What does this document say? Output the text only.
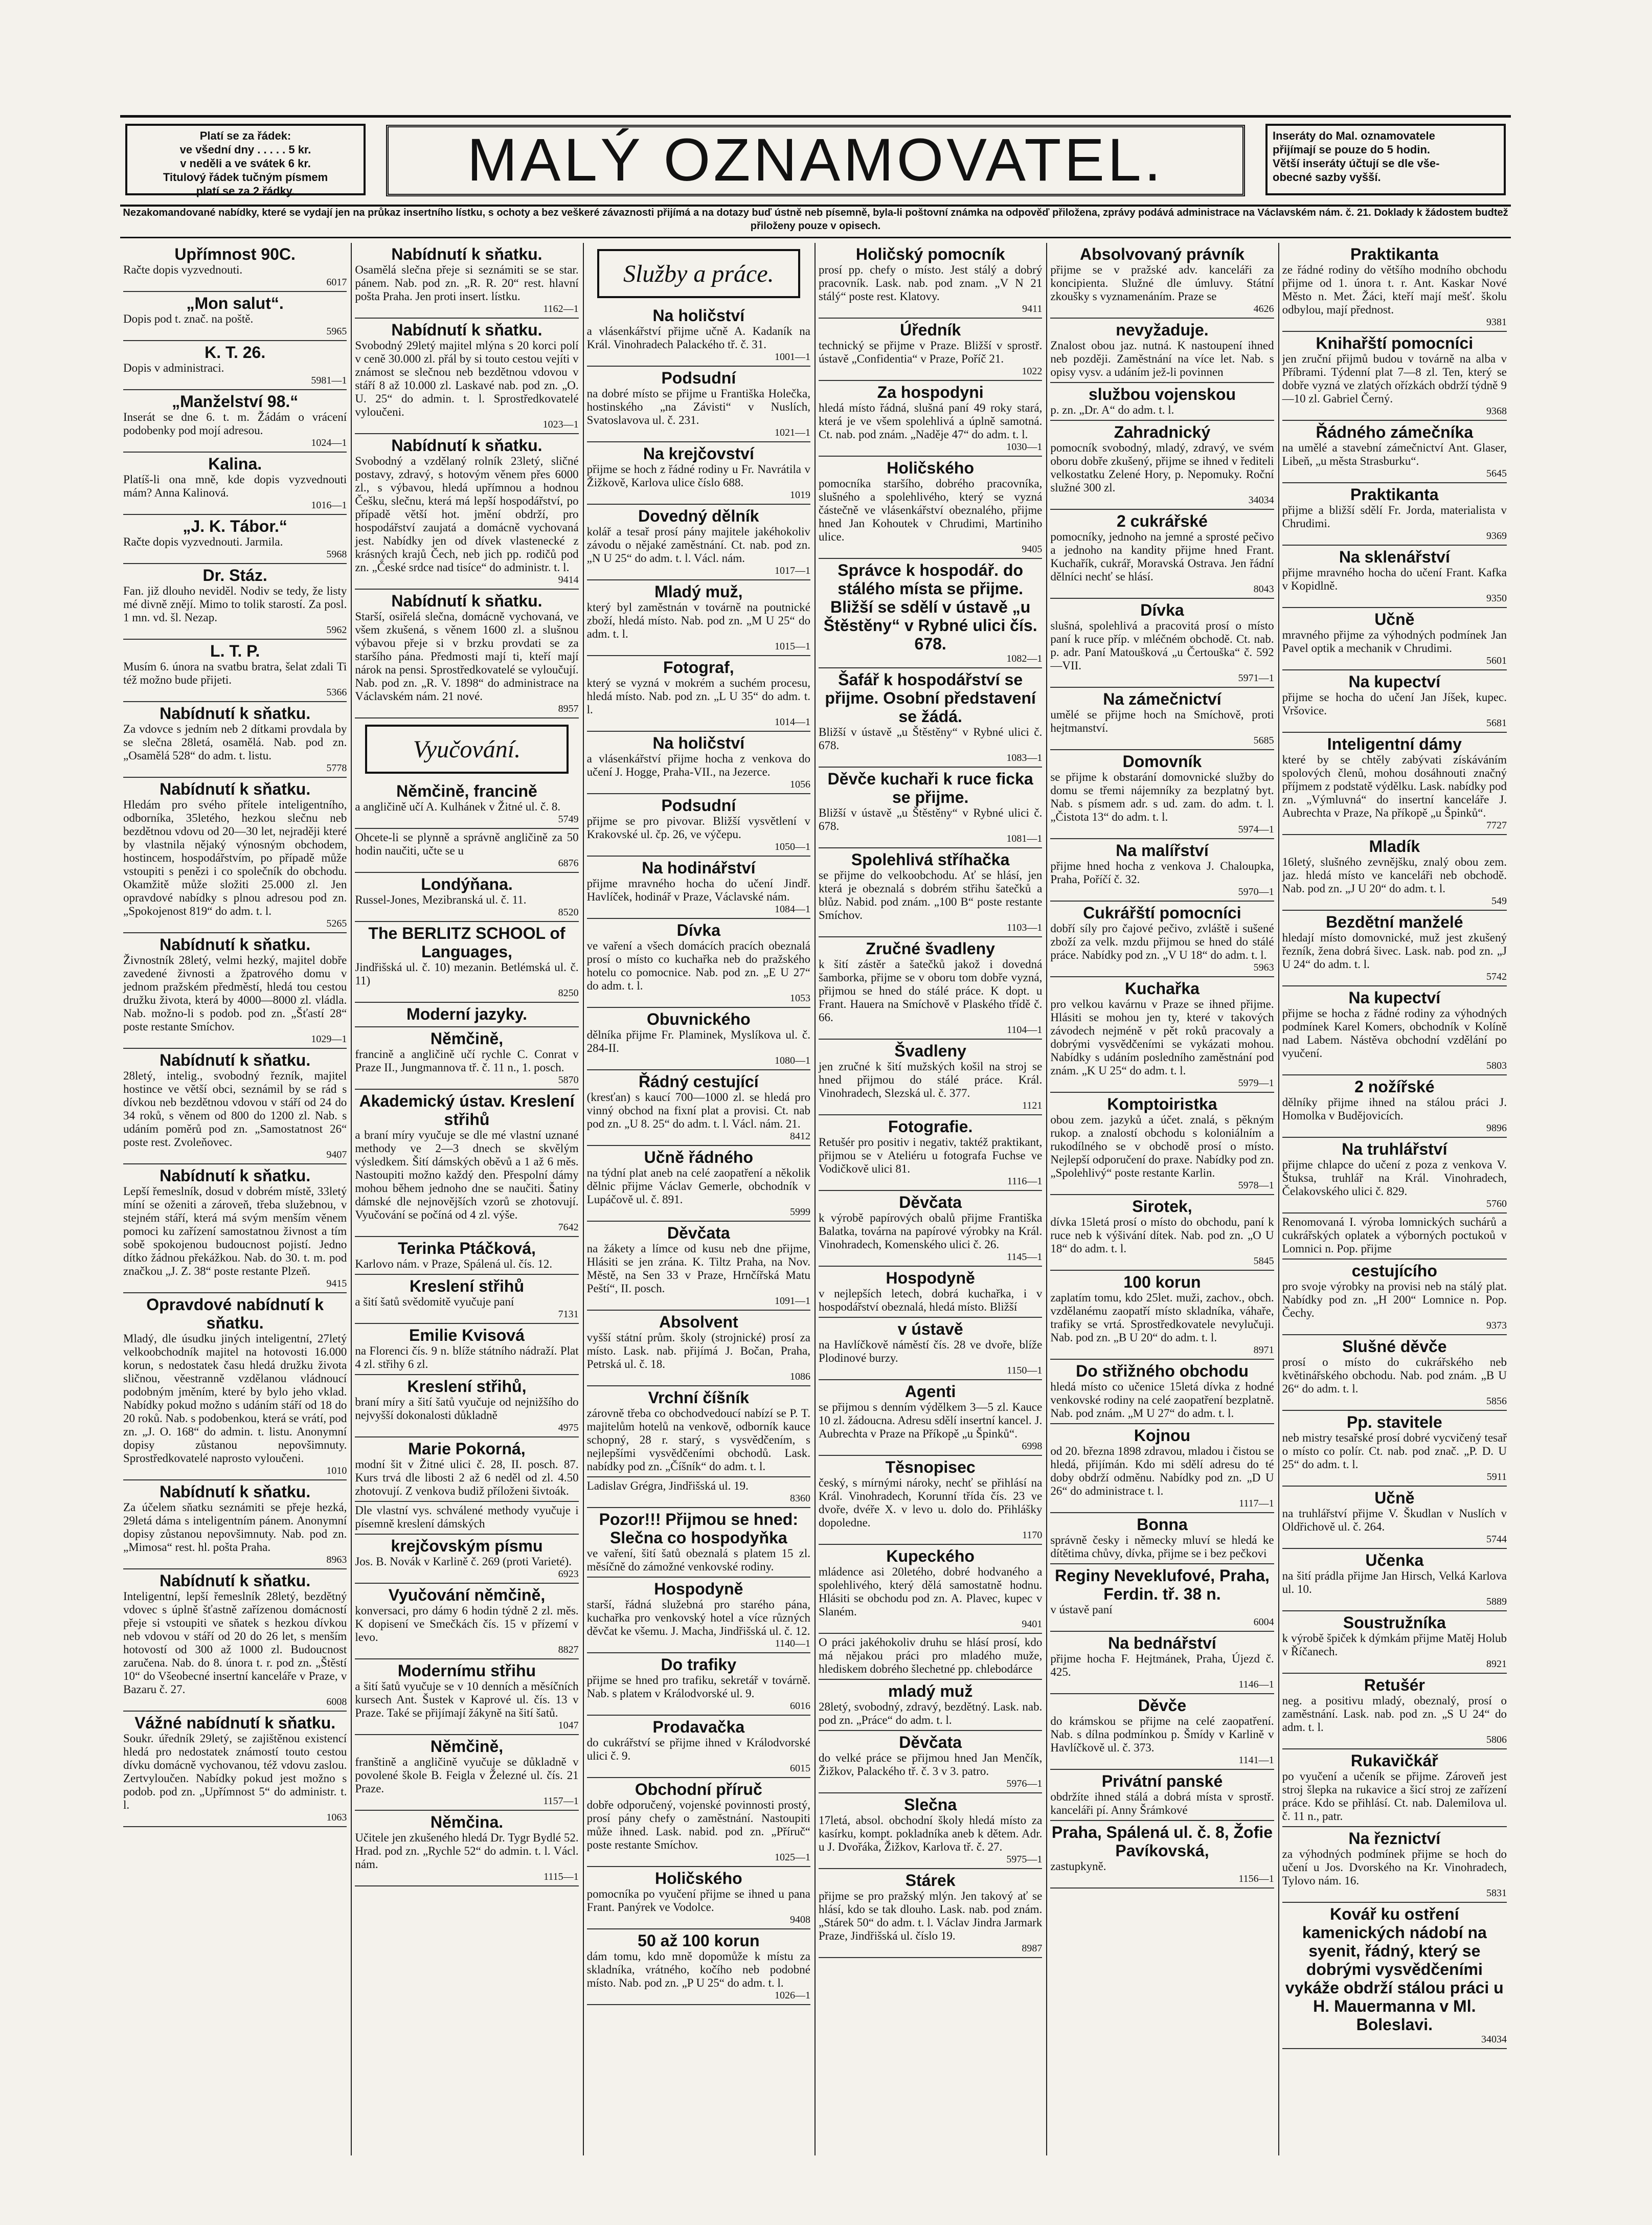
Platí se za řádek:
ve všední dny . . . . . 5 kr.
v neděli a ve svátek 6 kr.
Titulový řádek tučným písmem
platí se za 2 řádky.	MALÝ OZNAMOVATEL.	Inseráty do Mal. oznamovatele
přijímají se pouze do 5 hodin.
Větší inseráty účtují se dle vše-
obecné sazby vyšší.
Nezakomandované nabídky, které se vydají jen na průkaz insertního lístku, s ochoty a bez veškeré závaznosti přijímá a na dotazy buď ústně neb písemně, byla-li poštovní známka na odpověď přiložena, zprávy podává administrace na Václavském nám. č. 21. Doklady k žádostem budtež přiloženy pouze v opisech.
Upřímnost 90C.

Račte dopis vyzvednouti.

6017
„Mon salut“.

Dopis pod t. znač. na poště.

5965
K. T. 26.

Dopis v administraci.

5981—1
„Manželství 98.“

Inserát se dne 6. t. m. Žádám o vrácení podobenky pod mojí adresou.

1024—1
Kalina.

Platíš-li ona mně, kde dopis vyzvednouti mám? Anna Kalinová.

1016—1
„J. K. Tábor.“

Račte dopis vyzvednouti. Jarmila.

5968
Dr. Stáz.

Fan. již dlouho neviděl. Nodiv se tedy, že listy mé divně znějí. Mimo to tolik starostí. Za posl. 1 mn. vd. šl. Nezap.

5962
L. T. P.

Musím 6. února na svatbu bratra, šelat zdali Ti též možno bude přijeti.

5366
Nabídnutí k sňatku.

Za vdovce s jedním neb 2 dítkami provdala by se slečna 28letá, osamělá. Nab. pod zn. „Osamělá 528“ do adm. t. listu.

5778
Nabídnutí k sňatku.

Hledám pro svého přítele inteligentního, odborníka, 35letého, hezkou slečnu neb bezdětnou vdovu od 20—30 let, nejraději které by vlastnila nějaký výnosným obchodem, hostincem, hospodářstvím, po případě může vstoupiti s penězi i co společník do obchodu. Okamžitě může složiti 25.000 zl. Jen opravdové nabídky s plnou adresou pod zn. „Spokojenost 819“ do adm. t. l.

5265
Nabídnutí k sňatku.

Živnostník 28letý, velmi hezký, majitel dobře zavedené živnosti a žpatrového domu v jednom pražském předměstí, hledá tou cestou družku života, která by 4000—8000 zl. vládla. Nab. možno-li s podob. pod zn. „Šťastí 28“ poste restante Smíchov.

1029—1
Nabídnutí k sňatku.

28letý, intelig., svobodný řezník, majitel hostince ve větší obci, seznámil by se rád s dívkou neb bezdětnou vdovou v stáří od 24 do 34 roků, s věnem od 800 do 1200 zl. Nab. s udáním poměrů pod zn. „Samostatnost 26“ poste rest. Zvoleňovec.

9407
Nabídnutí k sňatku.

Lepší řemeslník, dosud v dobrém místě, 33letý míní se oženiti a zároveň, třeba služebnou, v stejném stáří, která má svým menším věnem pomoci ku zařízení samostatnou živnost a tím sobě spokojenou budoucnost pojistí. Jedno dítko žádnou překážkou. Nab. do 30. t. m. pod značkou „J. Z. 38“ poste restante Plzeň.

9415
Opravdové nabídnutí k sňatku.

Mladý, dle úsudku jiných inteligentní, 27letý velkoobchodník majitel na hotovosti 16.000 korun, s nedostatek času hledá družku života sličnou, věestranně vzdělanou vládnoucí podobným jměním, které by bylo jeho vklad. Nabídky pokud možno s udáním stáří od 18 do 20 roků. Nab. s podobenkou, která se vrátí, pod zn. „J. O. 168“ do admin. t. listu. Anonymní dopisy zůstanou nepovšimnuty. Sprostředkovatelé naprosto vyloučeni.

1010
Nabídnutí k sňatku.

Za účelem sňatku seznámiti se přeje hezká, 29letá dáma s inteligentním pánem. Anonymní dopisy zůstanou nepovšimnuty. Nab. pod zn. „Mimosa“ rest. hl. pošta Praha.

8963
Nabídnutí k sňatku.

Inteligentní, lepší řemeslník 28letý, bezdětný vdovec s úplně šťastně zařízenou domácností přeje si vstoupiti ve sňatek s hezkou dívkou neb vdovou v stáří od 20 do 26 let, s menším hotovostí od 300 až 1000 zl. Budoucnost zaručena. Nab. do 8. února t. r. pod zn. „Štěstí 10“ do Všeobecné insertní kanceláře v Praze, v Bazaru č. 27.

6008
Vážné nabídnutí k sňatku.

Soukr. úředník 29letý, se zajištěnou existencí hledá pro nedostatek známostí touto cestou dívku domácně vychovanou, též vdovu zaslou. Zertvyloučen. Nabídky pokud jest možno s podob. pod zn. „Upřímnost 5“ do administr. t. l.

1063
Nabídnutí k sňatku.

Osamělá slečna přeje si seznámiti se se star. pánem. Nab. pod zn. „R. R. 20“ rest. hlavní pošta Praha. Jen proti insert. lístku.

1162—1
Nabídnutí k sňatku.

Svobodný 29letý majitel mlýna s 20 korci polí v ceně 30.000 zl. přál by si touto cestou vejíti v známost se slečnou neb bezdětnou vdovou v stáří 8 až 10.000 zl. Laskavé nab. pod zn. „O. U. 25“ do admin. t. l. Sprostředkovatelé vyloučeni.

1023—1
Nabídnutí k sňatku.

Svobodný a vzdělaný rolník 23letý, sličné postavy, zdravý, s hotovým věnem přes 6000 zl., s výbavou, hledá upřímnou a hodnou Češku, slečnu, která má lepší hospodářství, po případě větší hot. jmění obdrží, pro hospodářství zaujatá a domácně vychovaná jest. Nabídky jen od dívek vlastenecké z krásných krajů Čech, neb jich pp. rodičů pod zn. „České srdce nad tisíce“ do administr. t. l.

9414
Nabídnutí k sňatku.

Starší, osiřelá slečna, domácně vychovaná, ve všem zkušená, s věnem 1600 zl. a slušnou výbavou přeje si v brzku provdati se za staršího pána. Předmosti mají ti, kteří mají nárok na pensi. Sprostředkovatelé se vyloučují. Nab. pod zn. „R. V. 1898“ do administrace na Václavském nám. 21 nové.

8957
Vyučování.
Němčině, francině

a angličině učí A. Kulhánek v Žitné ul. č. 8.

5749

Ohcete-li se plynně a správně angličině za 50 hodin naučiti, učte se u

6876
Londýňana.

Russel-Jones, Mezibranská ul. č. 11.

8520
The BERLITZ SCHOOL of Languages,

Jindřišská ul. č. 10) mezanin. Betlémská ul. č. 11)

8250
Moderní jazyky.
Němčině,

francině a angličině učí rychle C. Conrat v Praze II., Jungmannova tř. č. 11 n., 1. posch.

5870
Akademický ústav. Kreslení střihů

a braní míry vyučuje se dle mé vlastní uznané methody ve 2—3 dnech se skvělým výsledkem. Šití dámských oběvů a 1 až 6 měs. Nastoupiti možno každý den. Přespolní dámy mohou během jednoho dne se naučiti. Šatiny dámské dle nejnovějších vzorů se zhotovují. Vyučování se počíná od 4 zl. výše.

7642
Terinka Ptáčková,

Karlovo nám. v Praze, Spálená ul. čís. 12.

Kreslení střihů

a šití šatů svědomitě vyučuje paní

7131
Emilie Kvisová

na Florenci čís. 9 n. blíže státního nádraží. Plat 4 zl. střihy 6 zl.

Kreslení střihů,

braní míry a šití šatů vyučuje od nejnižšího do nejvyšší dokonalosti důkladně

4975
Marie Pokorná,

modní šit v Žitné ulici č. 28, II. posch. 87. Kurs trvá dle libosti 2 až 6 neděl od zl. 4.50 zhotovují. Z venkova budiž příloženi šivtoák.

Dle vlastní vys. schválené methody vyučuje i písemně kreslení dámských

krejčovským písmu

Jos. B. Novák v Karlině č. 269 (proti Varieté).

6923
Vyučování němčině,

konversaci, pro dámy 6 hodin týdně 2 zl. měs. K dopisení ve Smečkách čís. 15 v přízemí v levo.

8827
Modernímu střihu

a šití šatů vyučuje se v 10 denních a měsíčních kursech Ant. Šustek v Kaprové ul. čís. 13 v Praze. Také se přijímají žákyně na šití šatů.

1047
Němčině,

franštině a angličině vyučuje se důkladně v povolené škole B. Feigla v Železné ul. čís. 21 Praze.

1157—1
Němčina.

Učitele jen zkušeného hledá Dr. Tygr Bydlé 52. Hrad. pod zn. „Rychle 52“ do admin. t. l. Václ. nám.

1115—1
Služby a práce.
Na holičství

a vlásenkářství přijme učně A. Kadaník na Král. Vinohradech Palackého tř. č. 31.

1001—1
Podsudní

na dobré místo se přijme u Františka Holečka, hostinského „na Závisti“ v Nuslích, Svatoslavova ul. č. 231.

1021—1
Na krejčovství

přijme se hoch z řádné rodiny u Fr. Navrátila v Žižkově, Karlova ulice číslo 688.

1019
Dovedný dělník

kolář a tesař prosí pány majitele jakéhokoliv závodu o nějaké zaměstnání. Ct. nab. pod zn. „N U 25“ do adm. t. l. Václ. nám.

1017—1
Mladý muž,

který byl zaměstnán v továrně na poutnické zboží, hledá místo. Nab. pod zn. „M U 25“ do adm. t. l.

1015—1
Fotograf,

který se vyzná v mokrém a suchém procesu, hledá místo. Nab. pod zn. „L U 35“ do adm. t. l.

1014—1
Na holičství

a vlásenkářství přijme hocha z venkova do učení J. Hogge, Praha-VII., na Jezerce.

1056
Podsudní

přijme se pro pivovar. Bližší vysvětlení v Krakovské ul. čp. 26, ve výčepu.

1050—1
Na hodinářství

přijme mravného hocha do učení Jindř. Havlíček, hodinář v Praze, Václavské nám.

1084—1
Dívka

ve vaření a všech domácích pracích obeznalá prosí o místo co kuchařka neb do pražského hotelu co pomocnice. Nab. pod zn. „E U 27“ do adm. t. l.

1053
Obuvnického

dělníka přijme Fr. Plaminek, Myslíkova ul. č. 284-II.

1080—1
Řádný cestující

(kresťan) s kaucí 700—1000 zl. se hledá pro vinný obchod na fixní plat a provisi. Ct. nab pod zn. „U 8. 25“ do adm. t. l. Václ. nám. 21.

8412
Učně řádného

na týdní plat aneb na celé zaopatření a několik dělnic přijme Václav Gemerle, obchodník v Lupáčově ul. č. 891.

5999
Děvčata

na žákety a límce od kusu neb dne přijme, Hlásiti se jen zrána. K. Tiltz Praha, na Nov. Městě, na Sen 33 v Praze, Hrnčířská Matu Peští“, II. posch.

1091—1
Absolvent

vyšší státní prům. školy (strojnické) prosí za místo. Lask. nab. přijímá J. Bočan, Praha, Petrská ul. č. 18.

1086
Vrchní číšník

zárovně třeba co obchodvedoucí nabízí se P. T. majitelům hotelů na venkově, odborník kauce schopný, 28 r. starý, s vysvědčením, s nejlepšími vysvědčeními obchodů. Lask. nabídky pod zn. „Číšník“ do adm. t. l.

Ladislav Grégra, Jindřišská ul. 19.

8360
Pozor!!! Přijmou se hned: Slečna co hospodyňka

ve vaření, šití šatů obeznalá s platem 15 zl. měsíčně do zámožné venkovské rodiny.

Hospodyně

starší, řádná služebná pro starého pána, kuchařka pro venkovský hotel a více různých děvčat ke všemu. J. Macha, Jindřišská ul. č. 12.

1140—1
Do trafiky

přijme se hned pro trafiku, sekretář v továrně. Nab. s platem v Králodvorské ul. 9.

6016
Prodavačka

do cukrářství se přijme ihned v Králodvorské ulici č. 9.

6015
Obchodní příruč

dobře odporučený, vojenské povinnosti prostý, prosí pány chefy o zaměstnání. Nastoupiti může ihned. Lask. nabid. pod zn. „Příruč“ poste restante Smíchov.

1025—1
Holičského

pomocníka po vyučení přijme se ihned u pana Frant. Panýrek ve Vodolce.

9408
50 až 100 korun

dám tomu, kdo mně dopomůže k místu za skladníka, vrátného, kočího neb podobné místo. Nab. pod zn. „P U 25“ do adm. t. l.

1026—1
Holičský pomocník

prosí pp. chefy o místo. Jest stálý a dobrý pracovník. Lask. nab. pod znam. „V N 21 stálý“ poste rest. Klatovy.

9411
Úředník

technický se přijme v Praze. Bližší v sprostř. ústavě „Confidentia“ v Praze, Poříč 21.

1022
Za hospodyni

hledá místo řádná, slušná paní 49 roky stará, která je ve všem spolehlivá a úplně samotná. Ct. nab. pod znám. „Naděje 47“ do adm. t. l.

1030—1
Holičského

pomocníka staršího, dobrého pracovníka, slušného a spolehlivého, který se vyzná částečně ve vlásenkářství obeznalého, přijme hned Jan Kohoutek v Chrudimi, Martiniho ulice.

9405
Správce k hospodář. do stálého místa se přijme. Bližší se sdělí v ústavě „u Štěstěny“ v Rybné ulici čís. 678.
1082—1
Šafář k hospodářství se přijme. Osobní představení se žádá.

Bližší v ústavě „u Štěstěny“ v Rybné ulici č. 678.

1083—1
Děvče kuchaři k ruce ficka se přijme.

Bližší v ústavě „u Štěstěny“ v Rybné ulici č. 678.

1081—1
Spolehlivá stříhačka

se přijme do velkoobchodu. Ať se hlásí, jen která je obeznalá s dobrém střihu šatečků a blůz. Nabid. pod znám. „100 B“ poste restante Smíchov.

1103—1
Zručné švadleny

k šití zástěr a šatečků jakož i dovedná šamborka, přijme se v oboru tom dobře vyzná, přijmou se hned do stálé práce. K dopt. u Frant. Hauera na Smíchově v Plaského třídě č. 66.

1104—1
Švadleny

jen zručné k šití mužských košil na stroj se hned přijmou do stálé práce. Král. Vinohradech, Slezská ul. č. 377.

1121
Fotografie.

Retušér pro positiv i negativ, taktéž praktikant, přijmou se v Ateliéru u fotografa Fuchse ve Vodičkově ulici 81.

1116—1
Děvčata

k výrobě papírových obalů přijme Františka Balatka, továrna na papírové výrobky na Král. Vinohradech, Komenského ulici č. 26.

1145—1
Hospodyně

v nejlepších letech, dobrá kuchařka, i v hospodářství obeznalá, hledá místo. Bližší

v ústavě

na Havlíčkově náměstí čís. 28 ve dvoře, blíže Plodinové burzy.

1150—1
Agenti

se přijmou s denním výdělkem 3—5 zl. Kauce 10 zl. žádoucna. Adresu sdělí insertní kancel. J. Aubrechta v Praze na Příkopě „u Špinků“.

6998
Těsnopisec

český, s mírnými nároky, nechť se přihlásí na Král. Vinohradech, Korunní třída čís. 23 ve dvoře, dvéře X. v levo u. dolo do. Přihlášky dopoledne.

1170
Kupeckého

mládence asi 20letého, dobré hodvaného a spolehlivého, který dělá samostatně hodnu. Hlásiti se obchodu pod zn. A. Plavec, kupec v Slaném.

9401

O práci jakéhokoliv druhu se hlásí prosí, kdo má nějakou práci pro mladého muže, hlediskem dobrého šlechetné pp. chlebodárce

mladý muž

28letý, svobodný, zdravý, bezdětný. Lask. nab. pod zn. „Práce“ do adm. t. l.

Děvčata

do velké práce se přijmou hned Jan Menčík, Žižkov, Palackého tř. č. 3 v 3. patro.

5976—1
Slečna

17letá, absol. obchodní školy hledá místo za kasírku, kompt. pokladníka aneb k dětem. Adr. u J. Dvořáka, Žižkov, Karlova tř. č. 27.

5975—1
Stárek

přijme se pro pražský mlýn. Jen takový ať se hlásí, kdo se tak dlouho. Lask. nab. pod znám. „Stárek 50“ do adm. t. l. Václav Jindra Jarmark Praze, Jindřišská ul. číslo 19.

8987
Absolvovaný právník

přijme se v pražské adv. kanceláři za koncipienta. Služné dle úmluvy. Státní zkoušky s vyznamenáním. Praze se

4626
nevyžaduje.

Znalost obou jaz. nutná. K nastoupení ihned neb později. Zaměstnání na více let. Nab. s opisy vysv. a udáním jež-li povinnen

službou vojenskou

p. zn. „Dr. A“ do adm. t. l.

Zahradnický

pomocník svobodný, mladý, zdravý, ve svém oboru dobře zkušený, přijme se ihned v řediteli velkostatku Zelené Hory, p. Nepomuky. Roční služné 300 zl.

34034
2 cukrářské

pomocníky, jednoho na jemné a sprosté pečivo a jednoho na kandity přijme hned Frant. Kuchařík, cukrář, Moravská Ostrava. Jen řádní dělníci nechť se hlásí.

8043
Dívka

slušná, spolehlivá a pracovitá prosí o místo paní k ruce příp. v mléčném obchodě. Ct. nab. p. adr. Paní Matoušková „u Čertouška“ č. 592—VII.

5971—1
Na zámečnictví

umělé se přijme hoch na Smíchově, proti hejtmanství.

5685
Domovník

se přijme k obstarání domovnické služby do domu se třemi nájemníky za bezplatný byt. Nab. s písmem adr. s ud. zam. do adm. t. l. „Čistota 13“ do adm. t. l.

5974—1
Na malířství

přijme hned hocha z venkova J. Chaloupka, Praha, Poříčí č. 32.

5970—1
Cukrářští pomocníci

dobří síly pro čajové pečivo, zvláště i sušené zboží za velk. mzdu přijmou se hned do stálé práce. Nabídky pod zn. „V U 18“ do adm. t. l.

5963
Kuchařka

pro velkou kavárnu v Praze se ihned přijme. Hlásiti se mohou jen ty, které v takových závodech nejméně v pět roků pracovaly a dobrými vysvědčeními se vykázati mohou. Nabídky s udáním posledního zaměstnání pod znám. „K U 25“ do adm. t. l.

5979—1
Komptoiristka

obou zem. jazyků a účet. znalá, s pěkným rukop. a znalostí obchodu s koloniálním a rukodílného se v obchodě prosí o místo. Nejlepší odporučení do praxe. Nabídky pod zn. „Spolehlivý“ poste restante Karlin.

5978—1
Sirotek,

dívka 15letá prosí o místo do obchodu, paní k ruce neb k výšivání dítek. Nab. pod zn. „O U 18“ do adm. t. l.

5845
100 korun

zaplatím tomu, kdo 25let. muži, zachov., obch. vzdělanému zaopatří místo skladníka, váhaře, trafiky se vrtá. Sprostředkovatele nevylučuji. Nab. pod zn. „B U 20“ do adm. t. l.

8971
Do střižného obchodu

hledá místo co učenice 15letá dívka z hodné venkovské rodiny na celé zaopatření bezplatně. Nab. pod znám. „M U 27“ do adm. t. l.

Kojnou

od 20. března 1898 zdravou, mladou i čistou se hledá, přijímán. Kdo mi sdělí adresu do té doby obdrží odměnu. Nabídky pod zn. „D U 26“ do administrace t. l.

1117—1
Bonna

správně česky i německy mluví se hledá ke dítětima chůvy, dívka, přijme se i bez pečkovi

Reginy Neveklufové, Praha, Ferdin. tř. 38 n.

v ústavě paní

6004
Na bednářství

přijme hocha F. Hejtmánek, Praha, Újezd č. 425.

1146—1
Děvče

do krámskou se přijme na celé zaopatření. Nab. s dílna podmínkou p. Šmídy v Karlině v Havlíčkově ul. č. 373.

1141—1
Privátní panské

obdržíte ihned stálá a dobrá místa v sprostř. kanceláři pí. Anny Šrámkové

Praha, Spálená ul. č. 8, Žofie Pavíkovská,

zastupkyně.

1156—1
Praktikanta

ze řádné rodiny do většího modního obchodu přijme od 1. února t. r. Ant. Kaskar Nové Město n. Met. Žáci, kteří mají mešť. školu odbylou, mají přednost.

9381
Knihařští pomocníci

jen zruční přijmů budou v továrně na alba v Příbrami. Týdenní plat 7—8 zl. Ten, který se dobře vyzná ve zlatých ořízkách obdrží týdně 9—10 zl. Gabriel Černý.

9368
Řádného zámečníka

na umělé a stavební zámečnictví Ant. Glaser, Libeň, „u města Strasburku“.

5645
Praktikanta

přijme a bližší sdělí Fr. Jorda, materialista v Chrudimi.

9369
Na sklenářství

přijme mravného hocha do učení Frant. Kafka v Kopidlně.

9350
Učně

mravného přijme za výhodných podmínek Jan Pavel optik a mechanik v Chrudimi.

5601
Na kupectví

přijme se hocha do učení Jan Jíšek, kupec. Vršovice.

5681
Inteligentní dámy

které by se chtěly zabývati získáváním spolových členů, mohou dosáhnouti značný příjmem z podstatě výdělku. Lask. nabídky pod zn. „Výmluvná“ do insertní kanceláře J. Aubrechta v Praze, Na příkopě „u Špinků“.

7727
Mladík

16letý, slušného zevnějšku, znalý obou zem. jaz. hledá místo ve kanceláři neb obchodě. Nab. pod zn. „J U 20“ do adm. t. l.

549
Bezdětní manželé

hledají místo domovnické, muž jest zkušený řezník, žena dobrá šivec. Lask. nab. pod zn. „J U 24“ do adm. t. l.

5742
Na kupectví

přijme se hocha z řádné rodiny za výhodných podmínek Karel Komers, obchodník v Kolíně nad Labem. Nástěva obchodní vzdělání po vyučení.

5803
2 nožířské

dělníky přijme ihned na stálou práci J. Homolka v Budějovicích.

9896
Na truhlářství

přijme chlapce do učení z poza z venkova V. Štuksa, truhlář na Král. Vinohradech, Čelakovského ulici č. 829.

5760

Renomovaná I. výroba lomnických suchárů a cukrářských oplatek a výborných poctukoů v Lomnici n. Pop. přijme

cestujícího

pro svoje výrobky na provisi neb na stálý plat. Nabídky pod zn. „H 200“ Lomnice n. Pop. Čechy.

9373
Slušné děvče

prosí o místo do cukrářského neb květinářského obchodu. Nab. pod znám. „B U 26“ do adm. t. l.

5856
Pp. stavitele

neb mistry tesařské prosí dobré vycvičený tesař o místo co polír. Ct. nab. pod znač. „P. D. U 25“ do adm. t. l.

5911
Učně

na truhlářství přijme V. Škudlan v Nuslích v Oldřichově ul. č. 264.

5744
Učenka

na šití prádla přijme Jan Hirsch, Velká Karlova ul. 10.

5889
Soustružníka

k výrobě špiček k dýmkám přijme Matěj Holub v Říčanech.

8921
Retušér

neg. a positivu mladý, obeznalý, prosí o zaměstnání. Lask. nab. pod zn. „S U 24“ do adm. t. l.

5806
Rukavičkář

po vyučení a učeník se přijme. Zároveň jest stroj šlepka na rukavice a šicí stroj ze zařízení práce. Kdo se přihlásí. Ct. nab. Dalemilova ul. č. 11 n., patr.

Na řeznictví

za výhodných podmínek přijme se hoch do učení u Jos. Dvorského na Kr. Vinohradech, Tylovo nám. 16.

5831
Kovář ku ostření kamenických nádobí na syenit, řádný, který se dobrými vysvědčeními vykáže obdrží stálou práci u H. Mauermanna v Ml. Boleslavi.
34034
